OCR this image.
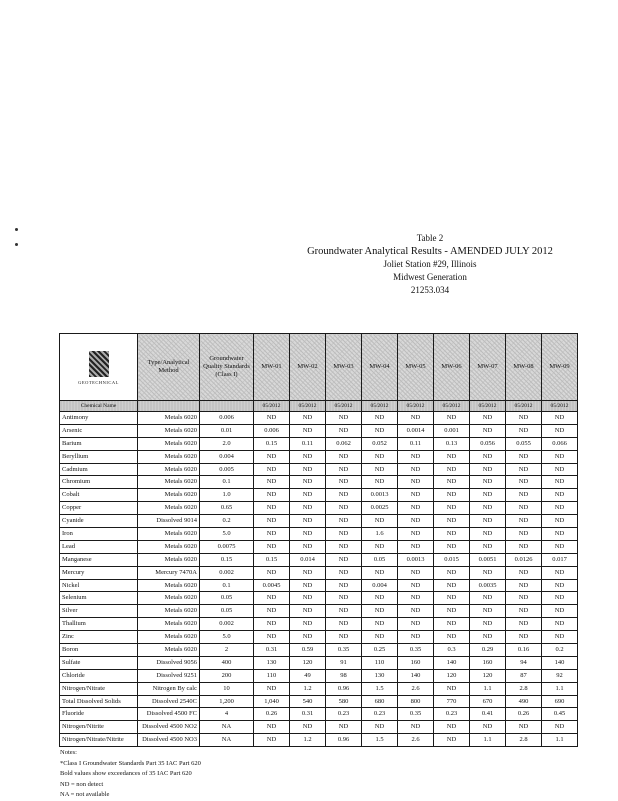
Table 2
Groundwater Analytical Results - AMENDED JULY 2012
Joliet Station #29, Illinois
Midwest Generation
21253.034
GEOTECHNICAL	Type/Analytical Method	Groundwater Quality Standards (Class I)	MW-01	MW-02	MW-03	MW-04	MW-05	MW-06	MW-07	MW-08	MW-09
Chemical Name			05/2012	05/2012	05/2012	05/2012	05/2012	05/2012	05/2012	05/2012	05/2012
Antimony	Metals 6020	0.006	ND	ND	ND	ND	ND	ND	ND	ND	ND
Arsenic	Metals 6020	0.01	0.006	ND	ND	ND	0.0014	0.001	ND	ND	ND
Barium	Metals 6020	2.0	0.15	0.11	0.062	0.052	0.11	0.13	0.056	0.055	0.066
Beryllium	Metals 6020	0.004	ND	ND	ND	ND	ND	ND	ND	ND	ND
Cadmium	Metals 6020	0.005	ND	ND	ND	ND	ND	ND	ND	ND	ND
Chromium	Metals 6020	0.1	ND	ND	ND	ND	ND	ND	ND	ND	ND
Cobalt	Metals 6020	1.0	ND	ND	ND	0.0013	ND	ND	ND	ND	ND
Copper	Metals 6020	0.65	ND	ND	ND	0.0025	ND	ND	ND	ND	ND
Cyanide	Dissolved 9014	0.2	ND	ND	ND	ND	ND	ND	ND	ND	ND
Iron	Metals 6020	5.0	ND	ND	ND	1.6	ND	ND	ND	ND	ND
Lead	Metals 6020	0.0075	ND	ND	ND	ND	ND	ND	ND	ND	ND
Manganese	Metals 6020	0.15	0.15	0.014	ND	0.05	0.0013	0.015	0.0051	0.0126	0.017
Mercury	Mercury 7470A	0.002	ND	ND	ND	ND	ND	ND	ND	ND	ND
Nickel	Metals 6020	0.1	0.0045	ND	ND	0.004	ND	ND	0.0035	ND	ND
Selenium	Metals 6020	0.05	ND	ND	ND	ND	ND	ND	ND	ND	ND
Silver	Metals 6020	0.05	ND	ND	ND	ND	ND	ND	ND	ND	ND
Thallium	Metals 6020	0.002	ND	ND	ND	ND	ND	ND	ND	ND	ND
Zinc	Metals 6020	5.0	ND	ND	ND	ND	ND	ND	ND	ND	ND
Boron	Metals 6020	2	0.31	0.59	0.35	0.25	0.35	0.3	0.29	0.16	0.2
Sulfate	Dissolved 9056	400	130	120	91	110	160	140	160	94	140
Chloride	Dissolved 9251	200	110	49	98	130	140	120	120	87	92
Nitrogen/Nitrate	Nitrogen By calc	10	ND	1.2	0.96	1.5	2.6	ND	1.1	2.8	1.1
Total Dissolved Solids	Dissolved 2540C	1,200	1,040	540	580	680	800	770	670	490	690
Fluoride	Dissolved 4500 FC	4	0.26	0.31	0.23	0.23	0.35	0.23	0.41	0.26	0.45
Nitrogen/Nitrite	Dissolved 4500 NO2	NA	ND	ND	ND	ND	ND	ND	ND	ND	ND
Nitrogen/Nitrate/Nitrite	Dissolved 4500 NO3	NA	ND	1.2	0.96	1.5	2.6	ND	1.1	2.8	1.1
Notes:
*Class I Groundwater Standards Part 35 IAC Part 620
Bold values show exceedances of 35 IAC Part 620
ND = non detect
NA = not available
